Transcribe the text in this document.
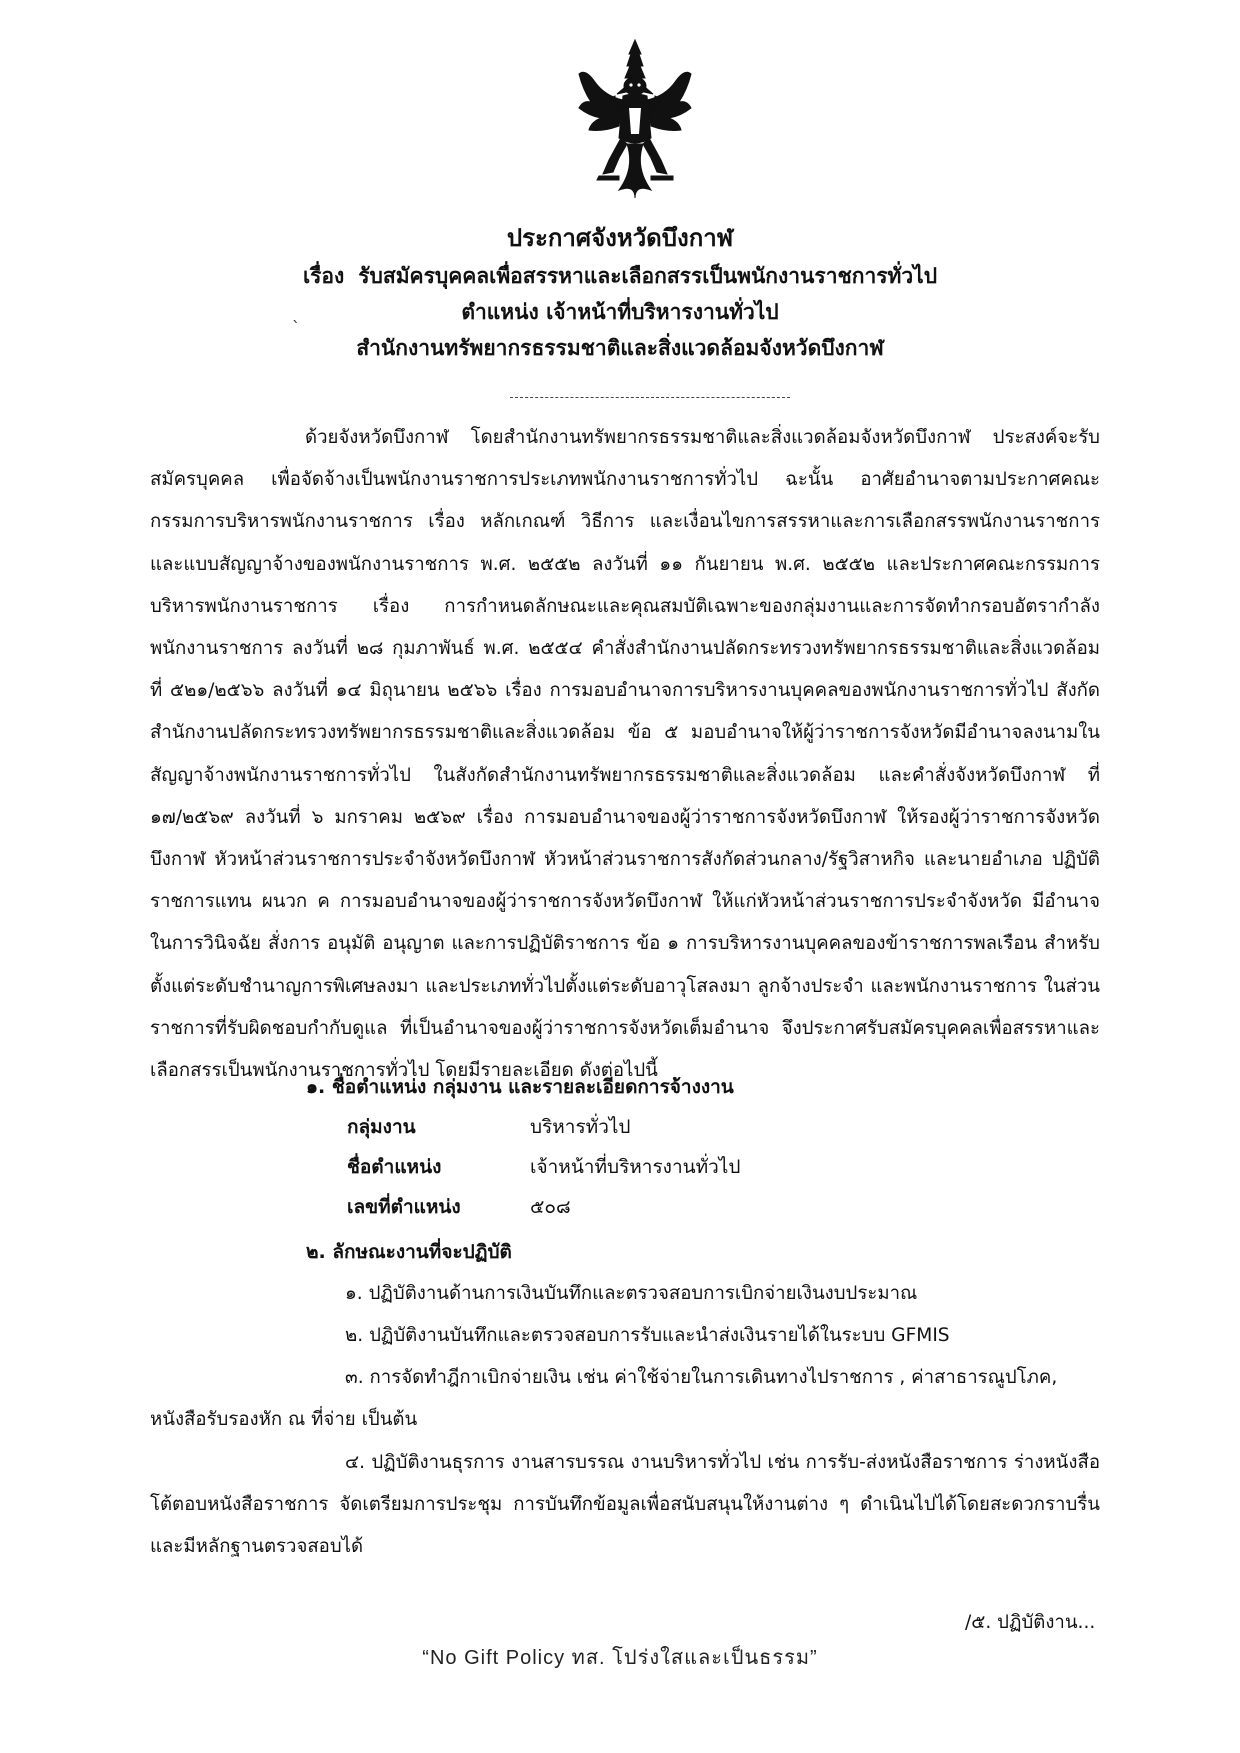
ประกาศจังหวัดบึงกาฬ

เรื่อง รับสมัครบุคคลเพื่อสรรหาและเลือกสรรเป็นพนักงานราชการทั่วไป

ตำแหน่ง เจ้าหน้าที่บริหารงานทั่วไป

สำนักงานทรัพยากรธรรมชาติและสิ่งแวดล้อมจังหวัดบึงกาฬ

ˋ

ด้วยจังหวัดบึงกาฬ โดยสำนักงานทรัพยากรธรรมชาติและสิ่งแวดล้อมจังหวัดบึงกาฬ ประสงค์จะรับสมัครบุคคล เพื่อจัดจ้างเป็นพนักงานราชการประเภทพนักงานราชการทั่วไป ฉะนั้น อาศัยอำนาจตามประกาศคณะกรรมการบริหารพนักงานราชการ เรื่อง หลักเกณฑ์ วิธีการ และเงื่อนไขการสรรหาและการเลือกสรรพนักงานราชการ และแบบสัญญาจ้างของพนักงานราชการ พ.ศ. ๒๕๕๒ ลงวันที่ ๑๑ กันยายน พ.ศ. ๒๕๕๒ และประกาศคณะกรรมการบริหารพนักงานราชการ เรื่อง การกำหนดลักษณะและคุณสมบัติเฉพาะของกลุ่มงานและการจัดทำกรอบอัตรากำลังพนักงานราชการ ลงวันที่ ๒๘ กุมภาพันธ์ พ.ศ. ๒๕๕๔ คำสั่งสำนักงานปลัดกระทรวงทรัพยากรธรรมชาติและสิ่งแวดล้อม ที่ ๕๒๑/๒๕๖๖ ลงวันที่ ๑๔ มิถุนายน ๒๕๖๖ เรื่อง การมอบอำนาจการบริหารงานบุคคลของพนักงานราชการทั่วไป สังกัดสำนักงานปลัดกระทรวงทรัพยากรธรรมชาติและสิ่งแวดล้อม ข้อ ๕ มอบอำนาจให้ผู้ว่าราชการจังหวัดมีอำนาจลงนามในสัญญาจ้างพนักงานราชการทั่วไป ในสังกัดสำนักงานทรัพยากรธรรมชาติและสิ่งแวดล้อม และคำสั่งจังหวัดบึงกาฬ ที่ ๑๗/๒๕๖๙ ลงวันที่ ๖ มกราคม ๒๕๖๙ เรื่อง การมอบอำนาจของผู้ว่าราชการจังหวัดบึงกาฬ ให้รองผู้ว่าราชการจังหวัดบึงกาฬ หัวหน้าส่วนราชการประจำจังหวัดบึงกาฬ หัวหน้าส่วนราชการสังกัดส่วนกลาง/รัฐวิสาหกิจ และนายอำเภอ ปฏิบัติราชการแทน ผนวก ค การมอบอำนาจของผู้ว่าราชการจังหวัดบึงกาฬ ให้แก่หัวหน้าส่วนราชการประจำจังหวัด มีอำนาจในการวินิจฉัย สั่งการ อนุมัติ อนุญาต และการปฏิบัติราชการ ข้อ ๑ การบริหารงานบุคคลของข้าราชการพลเรือน สำหรับตั้งแต่ระดับชำนาญการพิเศษลงมา และประเภททั่วไปตั้งแต่ระดับอาวุโสลงมา ลูกจ้างประจำ และพนักงานราชการ ในส่วนราชการที่รับผิดชอบกำกับดูแล ที่เป็นอำนาจของผู้ว่าราชการจังหวัดเต็มอำนาจ จึงประกาศรับสมัครบุคคลเพื่อสรรหาและเลือกสรรเป็นพนักงานราชการทั่วไป โดยมีรายละเอียด ดังต่อไปนี้

๑. ชื่อตำแหน่ง กลุ่มงาน และรายละเอียดการจ้างงาน

กลุ่มงาน	บริหารทั่วไป
ชื่อตำแหน่ง	เจ้าหน้าที่บริหารงานทั่วไป
เลขที่ตำแหน่ง	๕๐๘

๒. ลักษณะงานที่จะปฏิบัติ

๑. ปฏิบัติงานด้านการเงินบันทึกและตรวจสอบการเบิกจ่ายเงินงบประมาณ

๒. ปฏิบัติงานบันทึกและตรวจสอบการรับและนำส่งเงินรายได้ในระบบ GFMIS

๓. การจัดทำฎีกาเบิกจ่ายเงิน เช่น ค่าใช้จ่ายในการเดินทางไปราชการ , ค่าสาธารณูปโภค,

หนังสือรับรองหัก ณ ที่จ่าย เป็นต้น

๔. ปฏิบัติงานธุรการ งานสารบรรณ งานบริหารทั่วไป เช่น การรับ-ส่งหนังสือราชการ ร่างหนังสือโต้ตอบหนังสือราชการ จัดเตรียมการประชุม การบันทึกข้อมูลเพื่อสนับสนุนให้งานต่าง ๆ ดำเนินไปได้โดยสะดวกราบรื่นและมีหลักฐานตรวจสอบได้

/๕. ปฏิบัติงาน...
“No Gift Policy ทส. โปร่งใสและเป็นธรรม”
